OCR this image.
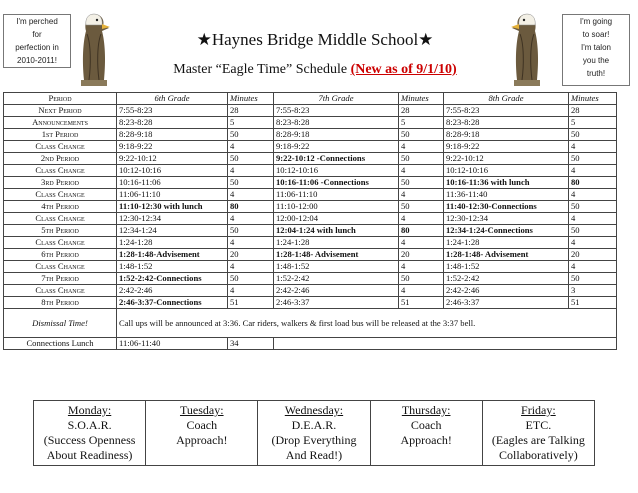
I'm perched
for
perfection in
2010-2011!
I'm going
to soar!
I'm talon
you the
truth!
★Haynes Bridge Middle School★
Master “Eagle Time” Schedule (New as of 9/1/10)
Period	6th Grade	Minutes	7th Grade	Minutes	8th Grade	Minutes
Next Period	7:55-8:23	28	7:55-8:23	28	7:55-8:23	28
Announcements	8:23-8:28	5	8:23-8:28	5	8:23-8:28	5
1st Period	8:28-9:18	50	8:28-9:18	50	8:28-9:18	50
Class Change	9:18-9:22	4	9:18-9:22	4	9:18-9:22	4
2nd Period	9:22-10:12	50	9:22-10:12 -Connections	50	9:22-10:12	50
Class Change	10:12-10:16	4	10:12-10:16	4	10:12-10:16	4
3rd Period	10:16-11:06	50	10:16-11:06 -Connections	50	10:16-11:36 with lunch	80
Class Change	11:06-11:10	4	11:06-11:10	4	11:36-11:40	4
4th Period	11:10-12:30 with lunch	80	11:10-12:00	50	11:40-12:30-Connections	50
Class Change	12:30-12:34	4	12:00-12:04	4	12:30-12:34	4
5th Period	12:34-1:24	50	12:04-1:24 with lunch	80	12:34-1:24-Connections	50
Class Change	1:24-1:28	4	1:24-1:28	4	1:24-1:28	4
6th Period	1:28-1:48-Advisement	20	1:28-1:48- Advisement	20	1:28-1:48- Advisement	20
Class Change	1:48-1:52	4	1:48-1:52	4	1:48-1:52	4
7th Period	1:52-2:42-Connections	50	1:52-2:42	50	1:52-2:42	50
Class Change	2:42-2:46	4	2:42-2:46	4	2:42-2:46	3
8th Period	2:46-3:37-Connections	51	2:46-3:37	51	2:46-3:37	51
Dismissal Time!	Call ups will be announced at 3:36. Car riders, walkers & first load bus will be released at the 3:37 bell.					
Connections Lunch	11:06-11:40	34				
Monday:
S.O.A.R.
(Success Openness
About Readiness)

Tuesday:
Coach
Approach!

Wednesday:
D.E.A.R.
(Drop Everything
And Read!)

Thursday:
Coach
Approach!

Friday:
ETC.
(Eagles are Talking
Collaboratively)
